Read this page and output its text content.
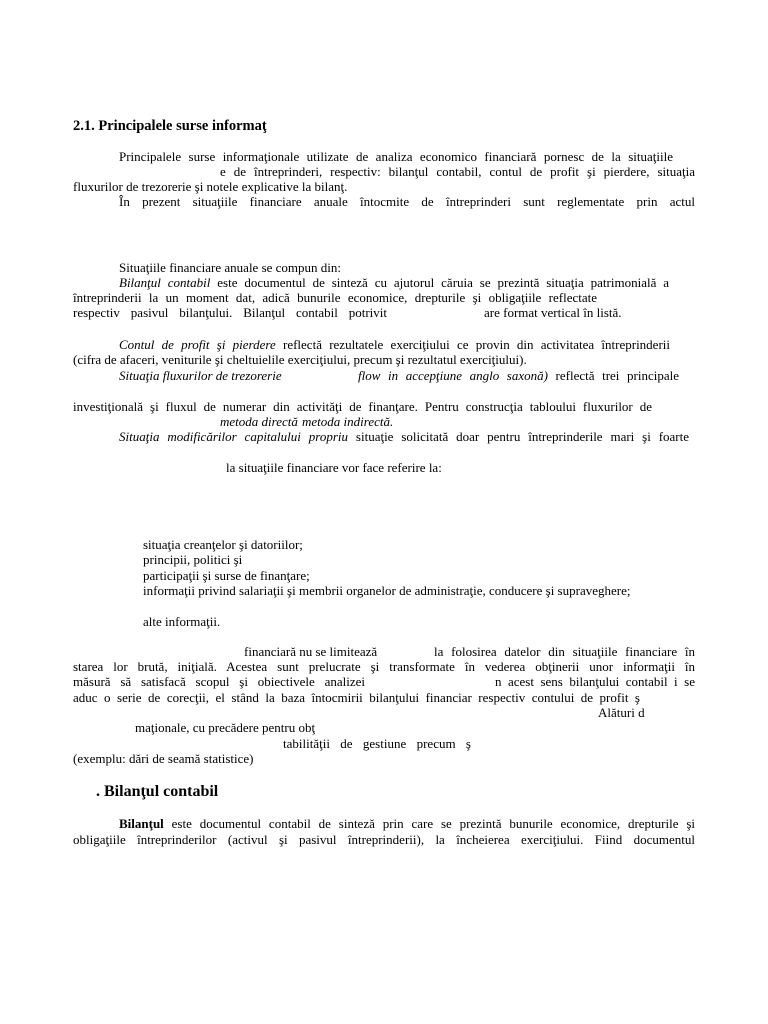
2.1. Principalele surse informaţ
Principalele surse informaţionale utilizate de analiza economico financiară pornesc de la situaţiile
e de întreprinderi, respectiv: bilanţul contabil, contul de profit şi pierdere, situaţia
fluxurilor de trezorerie şi notele explicative la bilanţ.
În prezent situaţiile financiare anuale întocmite de întreprinderi sunt reglementate prin actul
Situaţiile financiare anuale se compun din:
Bilanţul contabil este documentul de sinteză cu ajutorul căruia se prezintă situaţia patrimonială a
întreprinderii la un moment dat, adică bunurile economice, drepturile şi obligaţiile reflectate
respectiv pasivul bilanţului. Bilanţul contabil potrivit	are format vertical în listă.
Contul de profit şi pierdere reflectă rezultatele exerciţiului ce provin din activitatea întreprinderii
(cifra de afaceri, veniturile şi cheltuielile exerciţiului, precum şi rezultatul exerciţiului).
Situaţia fluxurilor de trezorerie	flow in accepţiune anglo saxonă) reflectă trei principale
investiţională şi fluxul de numerar din activităţi de finanţare. Pentru construcţia tabloului fluxurilor de
metoda directă metoda indirectă.
Situaţia modificărilor capitalului propriu situaţie solicitată doar pentru întreprinderile mari şi foarte
la situaţiile financiare vor face referire la:
situaţia creanţelor şi datoriilor;
principii, politici şi
participaţii şi surse de finanţare;
informaţii privind salariaţii şi membrii organelor de administraţie, conducere şi supraveghere;
alte informaţii.
financiară nu se limitează	la folosirea datelor din situaţiile financiare în
starea lor brută, iniţială. Acestea sunt prelucrate şi transformate în vederea obţinerii unor informaţii în
măsură să satisfacă scopul şi obiectivele analizei	n acest sens bilanţului contabil i se
aduc o serie de corecţii, el stând la baza întocmirii bilanţului financiar respectiv contului de profit ş
Alături d
maţionale, cu precădere pentru obţ
tabilităţii de gestiune precum ş
(exemplu: dări de seamă statistice)
. Bilanţul contabil
Bilanţul este documentul contabil de sinteză prin care se prezintă bunurile economice, drepturile şi
obligaţiile întreprinderilor (activul şi pasivul întreprinderii), la încheierea exerciţiului. Fiind documentul
